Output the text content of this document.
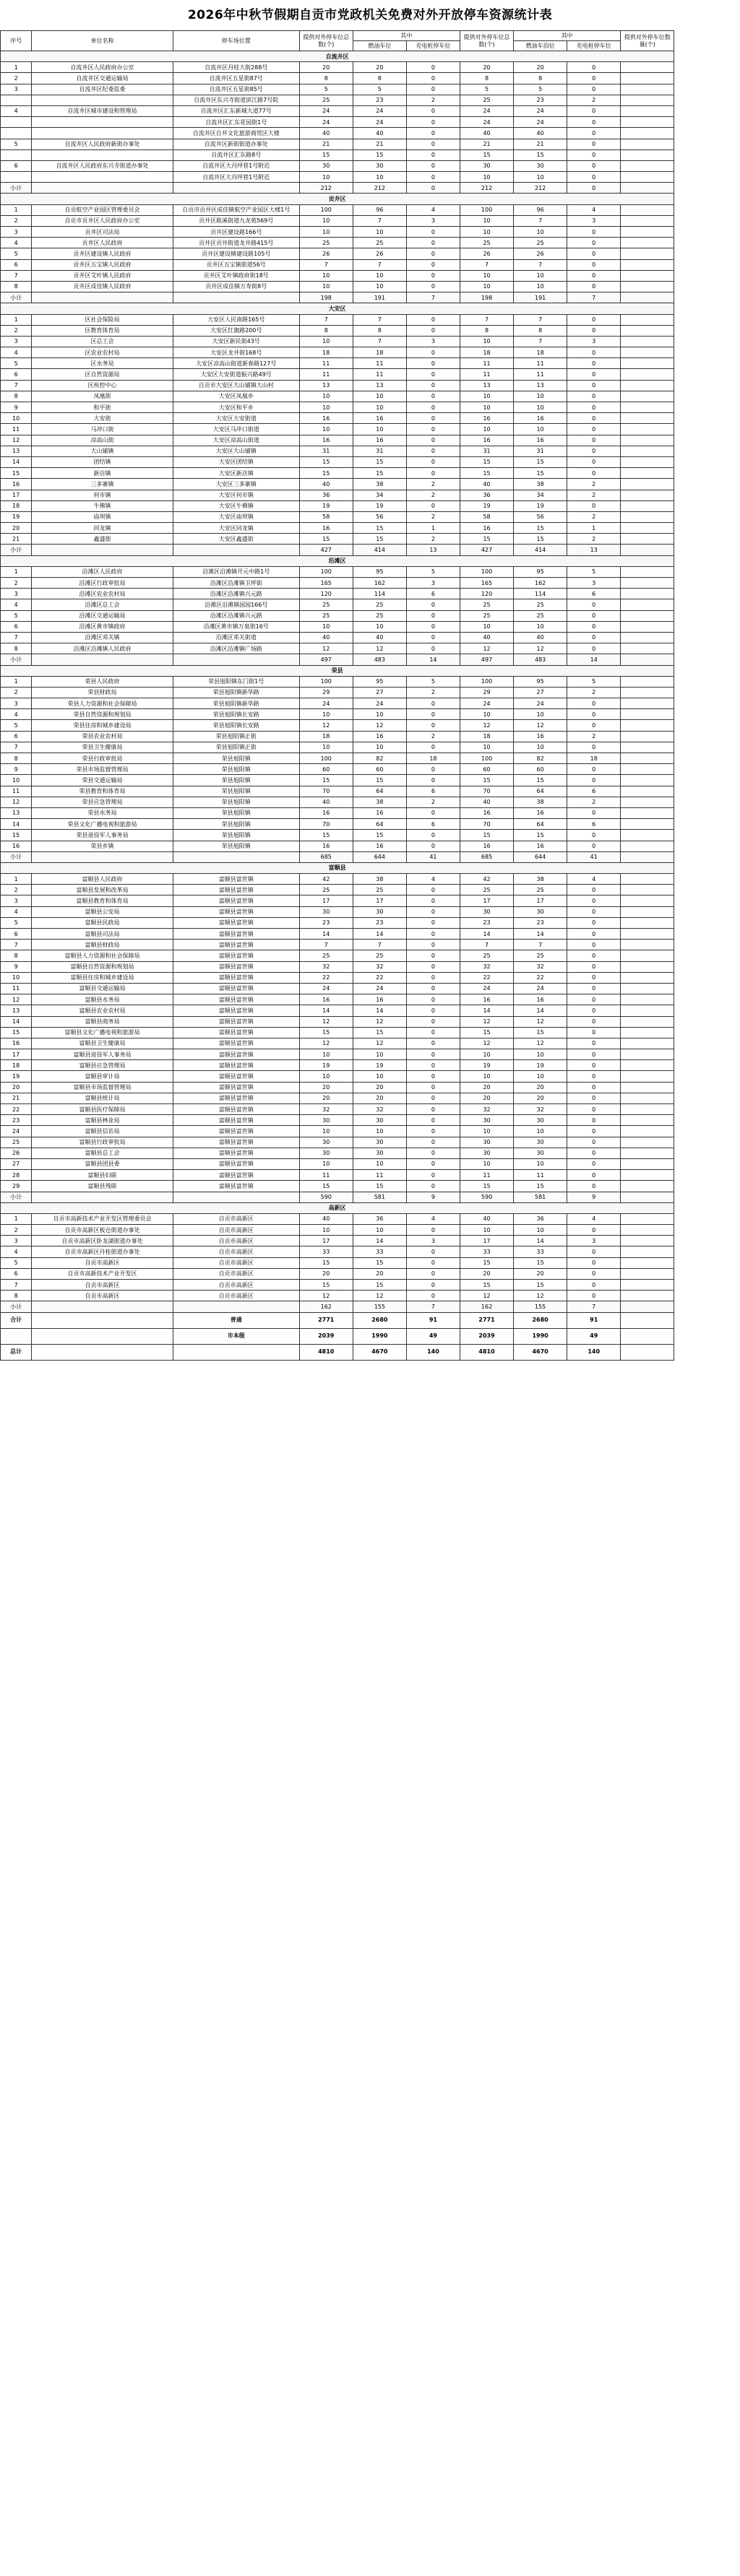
2026年中秋节假期自贡市党政机关免费对外开放停车资源统计表
序号	单位名称	停车场位置	提供对外停车位总数(个)	其中		提供对外停车位总数(个)	其中		提供对外停车位数量(个)
				燃油车位	充电桩停车位		燃油车泊位	充电桩停车位	
自流井区									
1	自流井区人民政府办公室	自流井区丹桂大街288号	20	20	0	20	20	0	
2	自流井区交通运输局	自流井区五星街87号	8	8	0	8	8	0	
3	自流井区纪委监委	自流井区五星街85号	5	5	0	5	5	0	
		自流井区东兴寺街道滨江路7号院	25	23	2	25	23	2	
4	自流井区城市建设和管理局	自流井区汇东新城大道77号	24	24	0	24	24	0	
		自流井区汇东花园街1号	24	24	0	24	24	0	
		自流井区自井文化旅游商贸区大楼	40	40	0	40	40	0	
5	自流井区人民政府新街办事处	自流井区新街街道办事处	21	21	0	21	21	0	
		自流井区汇东路8号	15	15	0	15	15	0	
6	自流井区人民政府东兴寺街道办事处	自流井区大丹坪巷1号附近	30	30	0	30	30	0	
		自流井区大丹坪巷1号附近	10	10	0	10	10	0	
小计			212	212	0	212	212	0	
贡井区									
1	自贡航空产业园区管理委员会	自贡市贡井区成佳镇航空产业园区大楼1号	100	96	4	100	96	4	
2	自贡市贡井区人民政府办公室	贡井区筱溪街道九龙苑569号	10	7	3	10	7	3	
3	贡井区司法局	贡井区建设路166号	10	10	0	10	10	0	
4	贡井区人民政府	贡井区贡井街道龙井路415号	25	25	0	25	25	0	
5	贡井区建设镇人民政府	贡井区建设镇建设路105号	26	26	0	26	26	0	
6	贡井区五宝镇人民政府	贡井区五宝镇街道56号	7	7	0	7	7	0	
7	贡井区艾叶镇人民政府	贡井区艾叶镇政府街18号	10	10	0	10	10	0	
8	贡井区成佳镇人民政府	贡井区成佳镇万寿街8号	10	10	0	10	10	0	
小计			198	191	7	198	191	7	
大安区									
1	区社会保险局	大安区人民南路165号	7	7	0	7	7	0	
2	区教育体育局	大安区红旗路200号	8	8	0	8	8	0	
3	区总工会	大安区新民街43号	10	7	3	10	7	3	
4	区农业农村局	大安区龙井街168号	18	18	0	18	18	0	
5	区水务局	大安区凉高山街道新春路127号	11	11	0	11	11	0	
6	区自然资源局	大安区大安街道振兴路49号	11	11	0	11	11	0	
7	区疾控中心	自贡市大安区大山铺镇大山村	13	13	0	13	13	0	
8	凤凰街	大安区凤凰乡	10	10	0	10	10	0	
9	和平街	大安区和平乡	10	10	0	10	10	0	
10	大安街	大安区大安街道	16	16	0	16	16	0	
11	马冲口街	大安区马冲口街道	10	10	0	10	10	0	
12	凉高山街	大安区凉高山街道	16	16	0	16	16	0	
13	大山铺镇	大安区大山铺镇	31	31	0	31	31	0	
14	团结镇	大安区团结镇	15	15	0	15	15	0	
15	新店镇	大安区新店镇	15	15	0	15	15	0	
16	三多寨镇	大安区三多寨镇	40	38	2	40	38	2	
17	何市镇	大安区何市镇	36	34	2	36	34	2	
18	牛佛镇	大安区牛佛镇	19	19	0	19	19	0	
19	庙坝镇	大安区庙坝镇	58	56	2	58	56	2	
20	回龙镇	大安区回龙镇	16	15	1	16	15	1	
21	鑫盛街	大安区鑫盛街	15	15	2	15	15	2	
小计			427	414	13	427	414	13	
沿滩区									
1	沿滩区人民政府	沿滩区沿滩镇开元中路1号	100	95	5	100	95	5	
2	沿滩区行政审批局	沿滩区沿滩镇卫坪街	165	162	3	165	162	3	
3	沿滩区农业农村局	沿滩区沿滩镇兴元路	120	114	6	120	114	6	
4	沿滩区总工会	沿滩区沿滩镇园园166号	25	25	0	25	25	0	
5	沿滩区交通运输局	沿滩区沿滩镇兴元路	25	25	0	25	25	0	
6	沿滩区黄市镇政府	沿滩区黄市镇万泉街16号	10	10	0	10	10	0	
7	沿滩区邓关镇	沿滩区邓关街道	40	40	0	40	40	0	
8	沿滩区沿滩镇人民政府	沿滩区沿滩镇广场路	12	12	0	12	12	0	
小计			497	483	14	497	483	14	
荣县									
1	荣县人民政府	荣县旭阳镇东门街1号	100	95	5	100	95	5	
2	荣县财政局	荣县旭阳镇新华路	29	27	2	29	27	2	
3	荣县人力资源和社会保障局	荣县旭阳镇新华路	24	24	0	24	24	0	
4	荣县自然资源和规划局	荣县旭阳镇长安路	10	10	0	10	10	0	
5	荣县住房和城乡建设局	荣县旭阳镇长安路	12	12	0	12	12	0	
6	荣县农业农村局	荣县旭阳镇正街	18	16	2	18	16	2	
7	荣县卫生健康局	荣县旭阳镇正街	10	10	0	10	10	0	
8	荣县行政审批局	荣县旭阳镇	100	82	18	100	82	18	
9	荣县市场监督管理局	荣县旭阳镇	60	60	0	60	60	0	
10	荣县交通运输局	荣县旭阳镇	15	15	0	15	15	0	
11	荣县教育和体育局	荣县旭阳镇	70	64	6	70	64	6	
12	荣县应急管理局	荣县旭阳镇	40	38	2	40	38	2	
13	荣县水务局	荣县旭阳镇	16	16	0	16	16	0	
14	荣县文化广播电视和旅游局	荣县旭阳镇	70	64	6	70	64	6	
15	荣县退役军人事务局	荣县旭阳镇	15	15	0	15	15	0	
16	荣县乡镇	荣县旭阳镇	16	16	0	16	16	0	
小计			685	644	41	685	644	41	
富顺县									
1	富顺县人民政府	富顺县富世镇	42	38	4	42	38	4	
2	富顺县发展和改革局	富顺县富世镇	25	25	0	25	25	0	
3	富顺县教育和体育局	富顺县富世镇	17	17	0	17	17	0	
4	富顺县公安局	富顺县富世镇	30	30	0	30	30	0	
5	富顺县民政局	富顺县富世镇	23	23	0	23	23	0	
6	富顺县司法局	富顺县富世镇	14	14	0	14	14	0	
7	富顺县财政局	富顺县富世镇	7	7	0	7	7	0	
8	富顺县人力资源和社会保障局	富顺县富世镇	25	25	0	25	25	0	
9	富顺县自然资源和规划局	富顺县富世镇	32	32	0	32	32	0	
10	富顺县住房和城乡建设局	富顺县富世镇	22	22	0	22	22	0	
11	富顺县交通运输局	富顺县富世镇	24	24	0	24	24	0	
12	富顺县水务局	富顺县富世镇	16	16	0	16	16	0	
13	富顺县农业农村局	富顺县富世镇	14	14	0	14	14	0	
14	富顺县商务局	富顺县富世镇	12	12	0	12	12	0	
15	富顺县文化广播电视和旅游局	富顺县富世镇	15	15	0	15	15	0	
16	富顺县卫生健康局	富顺县富世镇	12	12	0	12	12	0	
17	富顺县退役军人事务局	富顺县富世镇	10	10	0	10	10	0	
18	富顺县应急管理局	富顺县富世镇	19	19	0	19	19	0	
19	富顺县审计局	富顺县富世镇	10	10	0	10	10	0	
20	富顺县市场监督管理局	富顺县富世镇	20	20	0	20	20	0	
21	富顺县统计局	富顺县富世镇	20	20	0	20	20	0	
22	富顺县医疗保障局	富顺县富世镇	32	32	0	32	32	0	
23	富顺县林业局	富顺县富世镇	30	30	0	30	30	0	
24	富顺县信访局	富顺县富世镇	10	10	0	10	10	0	
25	富顺县行政审批局	富顺县富世镇	30	30	0	30	30	0	
26	富顺县总工会	富顺县富世镇	30	30	0	30	30	0	
27	富顺县团县委	富顺县富世镇	10	10	0	10	10	0	
28	富顺县妇联	富顺县富世镇	11	11	0	11	11	0	
29	富顺县残联	富顺县富世镇	15	15	0	15	15	0	
小计			590	581	9	590	581	9	
高新区									
1	自贡市高新技术产业开发区管理委员会	自贡市高新区	40	36	4	40	36	4	
2	自贡市高新区板仓街道办事处	自贡市高新区	10	10	0	10	10	0	
3	自贡市高新区卧龙湖街道办事处	自贡市高新区	17	14	3	17	14	3	
4	自贡市高新区丹桂街道办事处	自贡市高新区	33	33	0	33	33	0	
5	自贡市高新区	自贡市高新区	15	15	0	15	15	0	
6	自贡市高新技术产业开发区	自贡市高新区	20	20	0	20	20	0	
7	自贡市高新区	自贡市高新区	15	15	0	15	15	0	
8	自贡市高新区	自贡市高新区	12	12	0	12	12	0	
小计			162	155	7	162	155	7	
合计		普通	2771	2680	91	2771	2680	91	
		市本级	2039	1990	49	2039	1990	49	
总计			4810	4670	140	4810	4670	140	
